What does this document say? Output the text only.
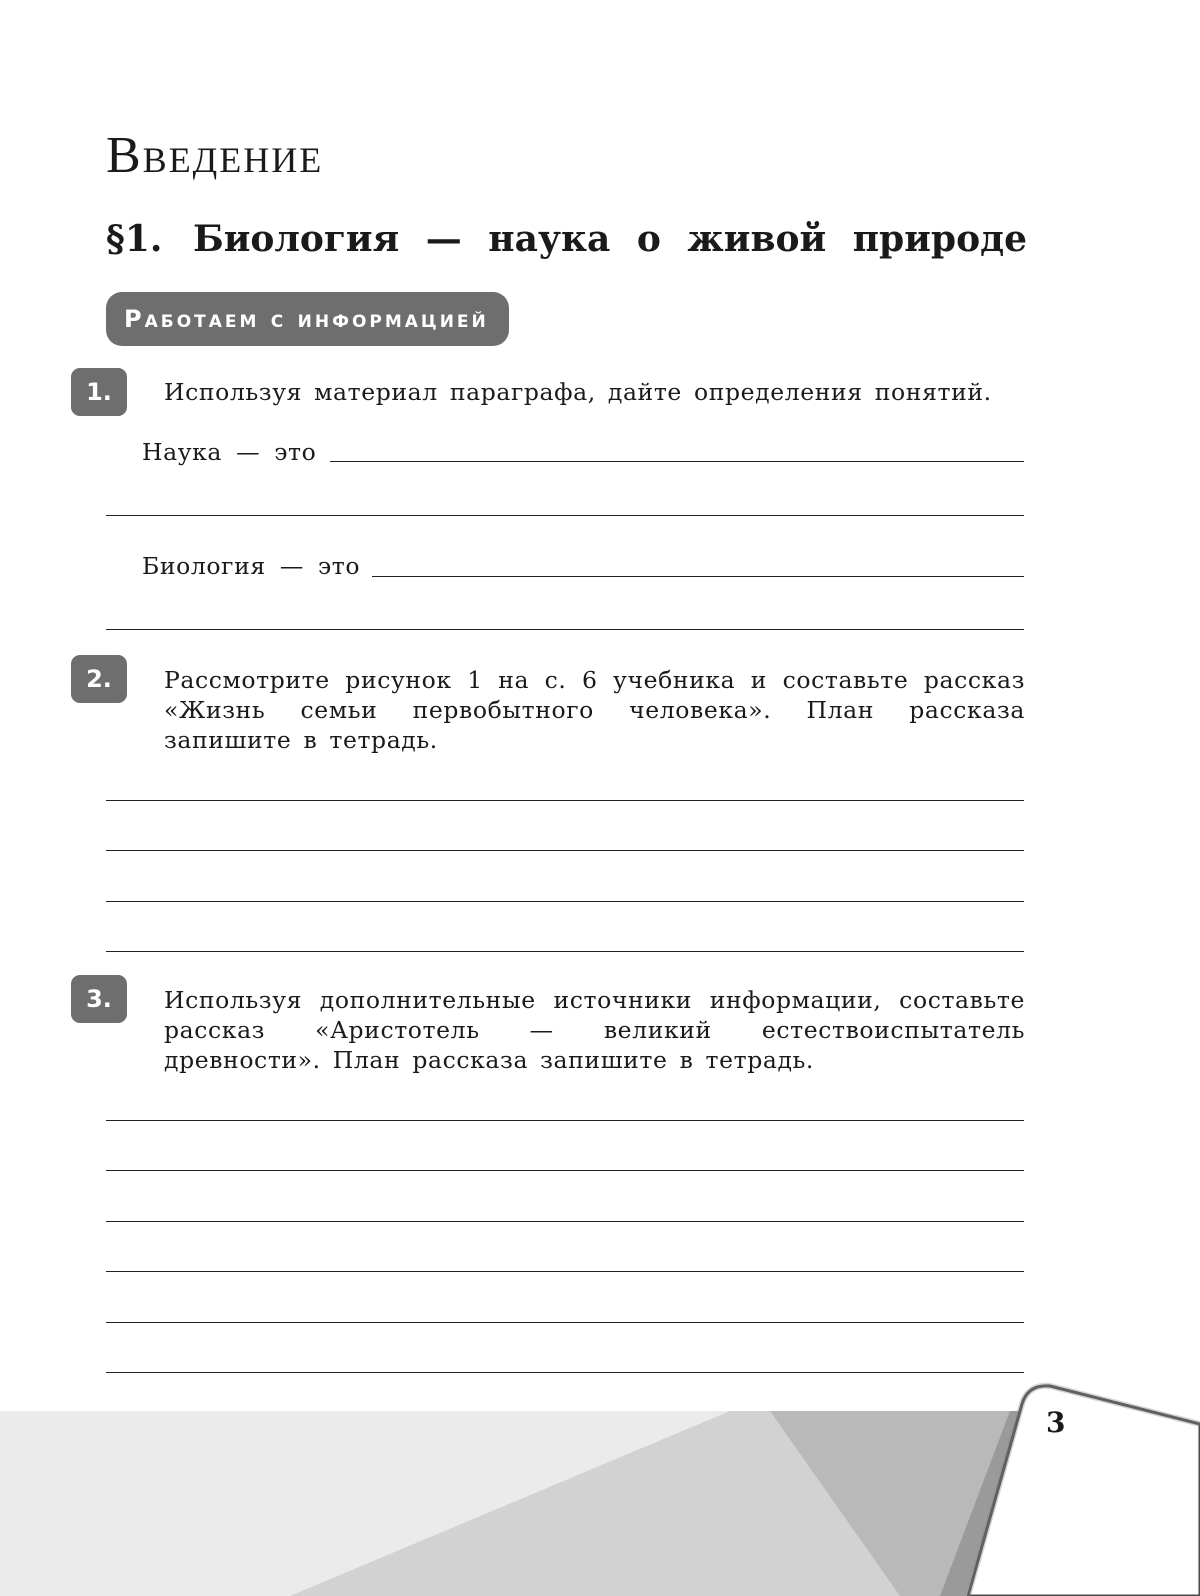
Введение
§1. Биология — наука о живой природе
Работаем с информацией
1.	Используя материал параграфа, дайте определения понятий.
Наука — это
Биология — это
2.	Рассмотрите рисунок 1 на с. 6 учебника и составьте рассказ «Жизнь семьи первобытного человека». План рассказа запишите в тетрадь.
3.	Используя дополнительные источники информации, составьте рассказ «Аристотель — великий естествоиспытатель древности». План рассказа запишите в тетрадь.
3
